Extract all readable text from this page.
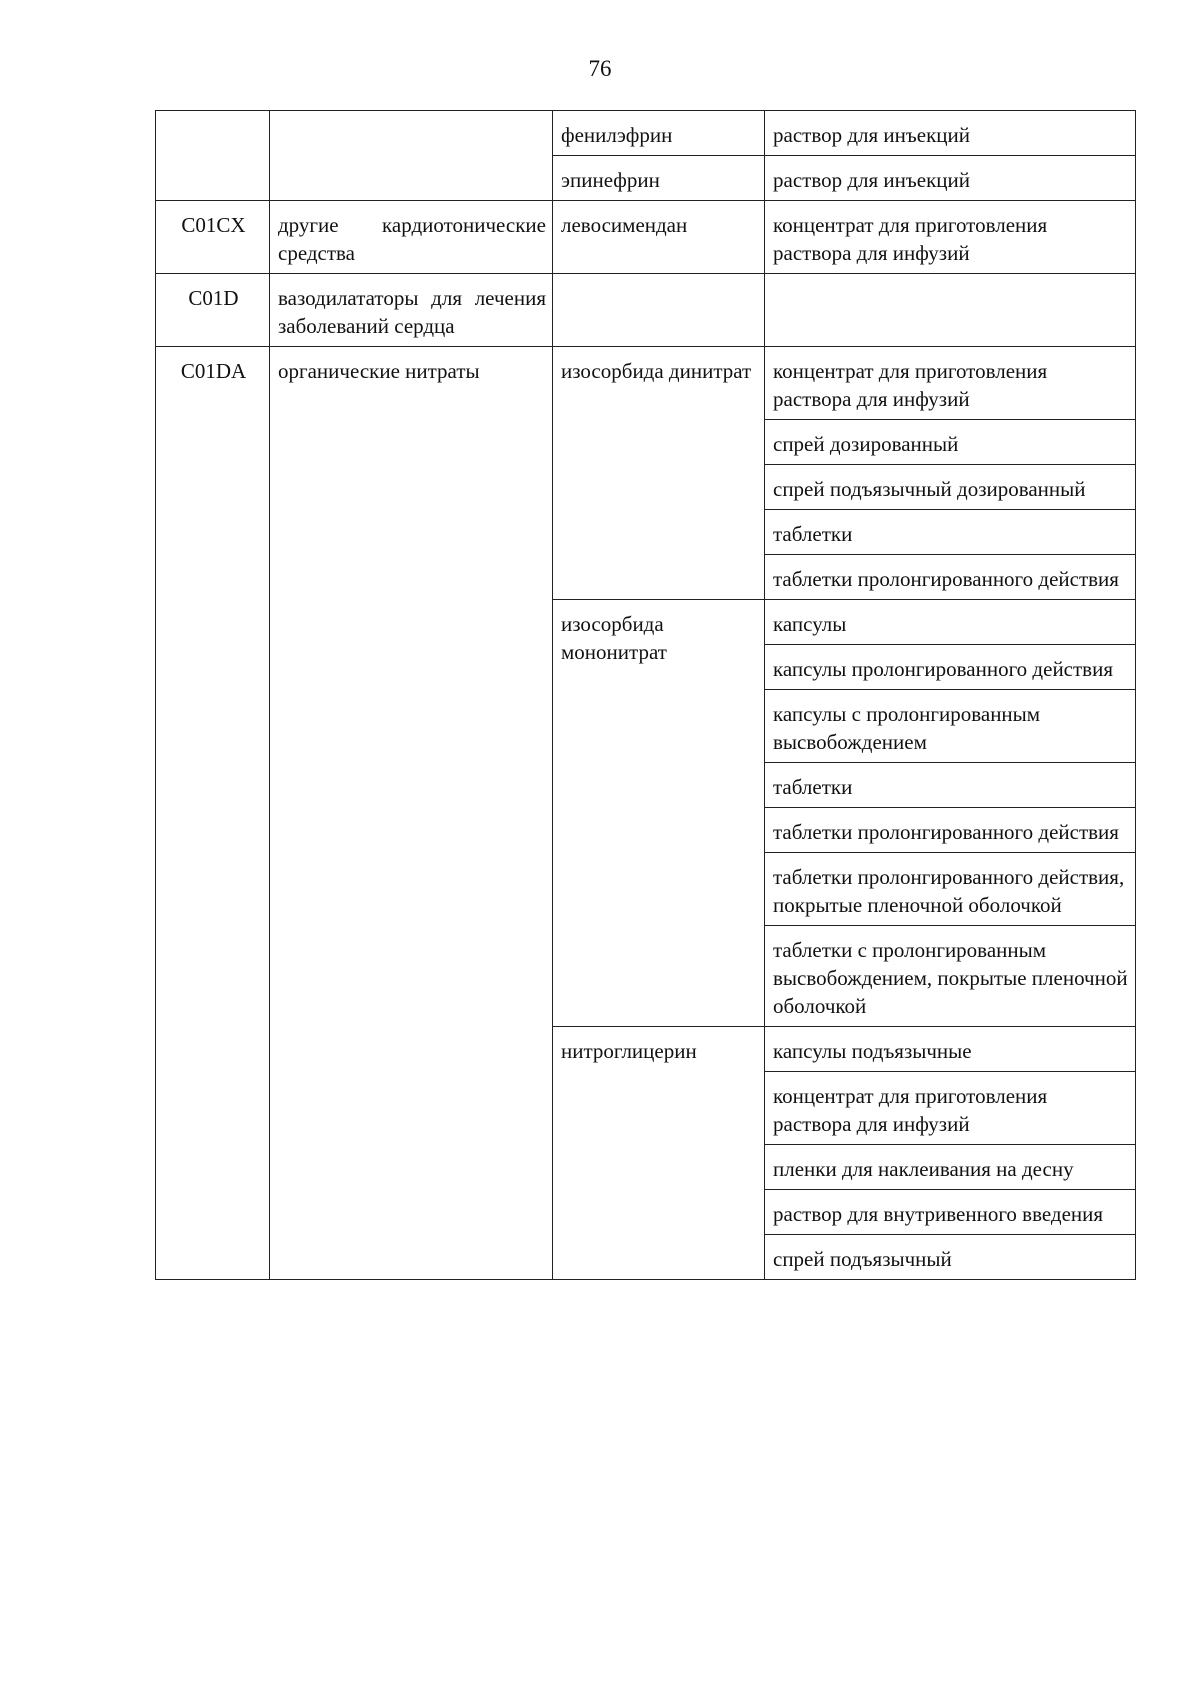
76
		фенилэфрин	раствор для инъекций
		эпинефрин	раствор для инъекций
C01CX	другие кардиотонические средства	левосимендан	концентрат для приготовления раствора для инфузий
C01D	вазодилататоры для лечения заболеваний сердца		
C01DA	органические нитраты	изосорбида динитрат	концентрат для приготовления раствора для инфузий
			спрей дозированный
			спрей подъязычный дозированный
			таблетки
			таблетки пролонгированного действия
		изосорбида мононитрат	капсулы
			капсулы пролонгированного действия
			капсулы с пролонгированным высвобождением
			таблетки
			таблетки пролонгированного действия
			таблетки пролонгированного действия, покрытые пленочной оболочкой
			таблетки с пролонгированным высвобождением, покрытые пленочной оболочкой
		нитроглицерин	капсулы подъязычные
			концентрат для приготовления раствора для инфузий
			пленки для наклеивания на десну
			раствор для внутривенного введения
			спрей подъязычный
